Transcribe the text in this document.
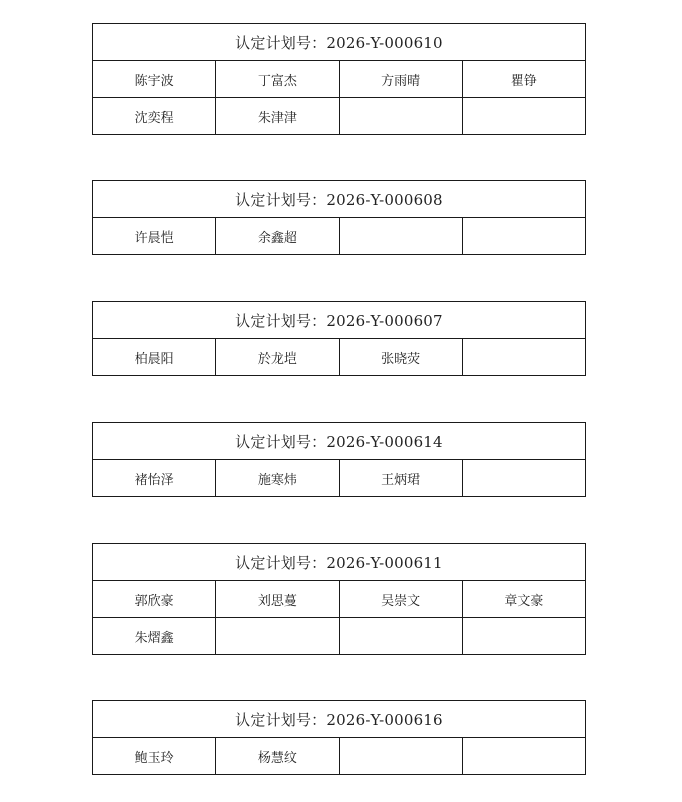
认定计划号：2026-Y-000610			
陈宇波	丁富杰	方雨晴	瞿铮
沈奕程	朱津津		
认定计划号：2026-Y-000608
许晨恺	余鑫超		
认定计划号：2026-Y-000607
柏晨阳	於龙垲	张晓荧	
认定计划号：2026-Y-000614
褚怡泽	施寒炜	王炳珺	
认定计划号：2026-Y-000611			
郭欣豪	刘思蔓	吴崇文	章文豪
朱熠鑫			
认定计划号：2026-Y-000616
鲍玉玲	杨慧纹		
